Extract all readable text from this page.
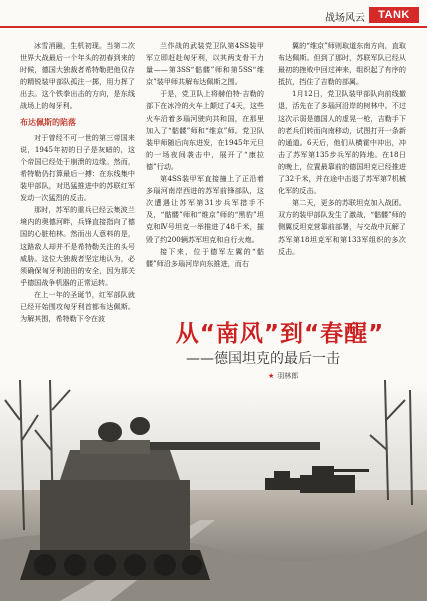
战场风云	TANK

冰雪消融，生机初现。当第二次世界大战最后一个年头的初春到来的时候，德国大独裁者希特勒把他仅存的精锐装甲部队孤注一掷，用力挥了出去。这个铁拳出击的方向，是东线战场上的匈牙利。

布达佩斯的陷落

对于曾经不可一世的第三帝国来说，1945年初的日子是灰暗的，这个帝国已经处于崩溃的边缘。然而，希特勒仍打算最后一搏：在东线集中装甲部队，对迅猛推进中的苏联红军发动一次猛烈的反击。

那时，苏军的重兵已经云集波兰境内的奥德河畔，兵锋直接指向了德国的心脏柏林。然而出人意料的是，这路敌人却并不是希特勒关注的头号威胁。这位大独裁者坚定地认为，必须确保匈牙利油田的安全，因为那关乎德国战争机器的正常运转。

在上一年的圣诞节，红军部队就已经开始围攻匈牙利首都布达佩斯。为解其围，希特勒下令在波

兰作战的武装党卫队第4SS装甲军立即赶赴匈牙利，以其两支骨干力量——第3SS“骷髅”师和第5SS“维京”装甲师共解布达佩斯之围。

于是，党卫队上将赫伯特·吉勒的部下在冰冷的火车上颠过了4天，这些火车沿着多瑙河驶向共和国，在那里加入了“骷髅”师和“维京”师。党卫队装甲师随后向东进发，在1945年元旦的一场夜间袭击中，展开了“康拉德”行动。

第4SS装甲军直接撞上了正沿着多瑙河南岸西进的苏军前锋部队，这次遭遇让苏军第31步兵军措手不及，“骷髅”师和“维京”师的“黑豹”坦克和Ⅳ号坦克一举推进了48千米，摧毁了约200辆苏军坦克和自行火炮。

接下来，位于德军左翼的“骷髅”师沿多瑙河岸向东推进，而右

翼的“维京”师则取道东南方向，直取布达佩斯。但到了那时，苏联军队已经从最初的挫败中回过神来，组织起了有序的抵抗，挡住了吉勒的部属。

1月12日，党卫队装甲部队向前线撤退，活先在了多瑙河沿岸的树林中。不过这次示弱是德国人的虚晃一枪，吉勒手下的老兵们转而向南移动，试图打开一条新的通道。6天后，他们从横霍中冲出，冲击了苏军第135步兵军的阵地。在18日的晚上，位置最靠前的德国坦克已经推进了32千米，并在途中击退了苏军第7机械化军的反击。

第二天，更多的苏联坦克加入战团。双方的装甲部队发生了激战，“骷髅”师的侧翼反坦克营靠前部署，与交战中瓦解了苏军第18坦克军和第133军组织的多次反击。

从“南风”到“春醒”
——德国坦克的最后一击
★ 羽林郎
